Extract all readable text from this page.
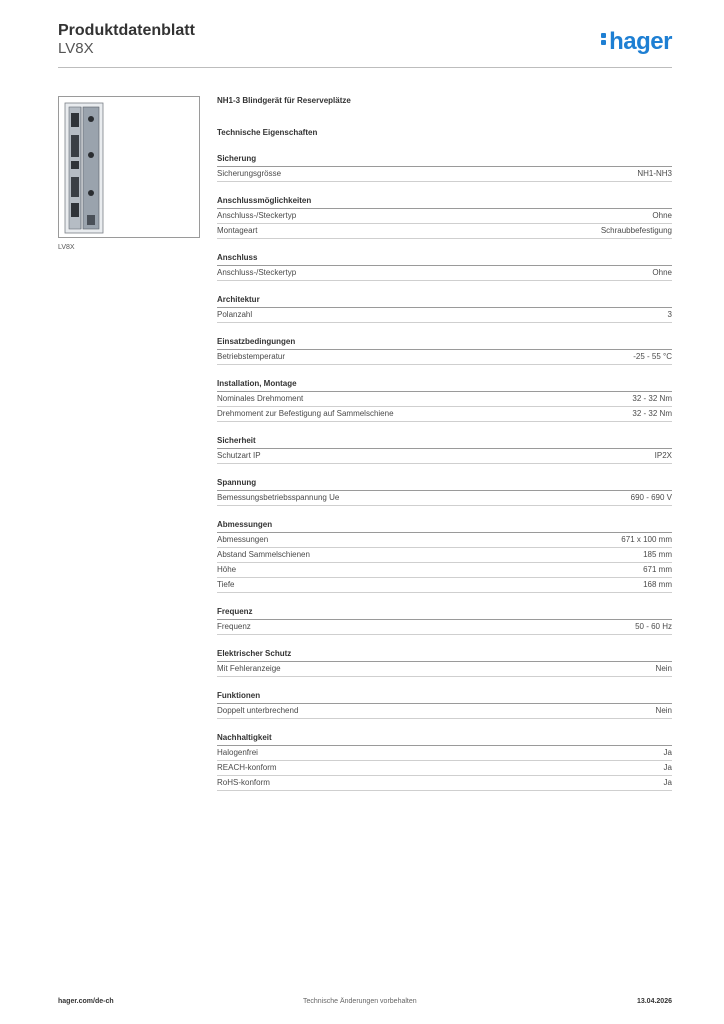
Produktdatenblatt
LV8X	hager
LV8X
NH1-3 Blindgerät für Reserveplätze
Technische Eigenschaften
Sicherung
Sicherungsgrösse	NH1-NH3
Anschlussmöglichkeiten
Anschluss-/Steckertyp	Ohne
Montageart	Schraubbefestigung
Anschluss
Anschluss-/Steckertyp	Ohne
Architektur
Polanzahl	3
Einsatzbedingungen
Betriebstemperatur	-25 - 55 °C
Installation, Montage
Nominales Drehmoment	32 - 32 Nm
Drehmoment zur Befestigung auf Sammelschiene	32 - 32 Nm
Sicherheit
Schutzart IP	IP2X
Spannung
Bemessungsbetriebsspannung Ue	690 - 690 V
Abmessungen
Abmessungen	671 x 100 mm
Abstand Sammelschienen	185 mm
Höhe	671 mm
Tiefe	168 mm
Frequenz
Frequenz	50 - 60 Hz
Elektrischer Schutz
Mit Fehleranzeige	Nein
Funktionen
Doppelt unterbrechend	Nein
Nachhaltigkeit
Halogenfrei	Ja
REACH-konform	Ja
RoHS-konform	Ja
hager.com/de-ch	Technische Änderungen vorbehalten	13.04.2026
